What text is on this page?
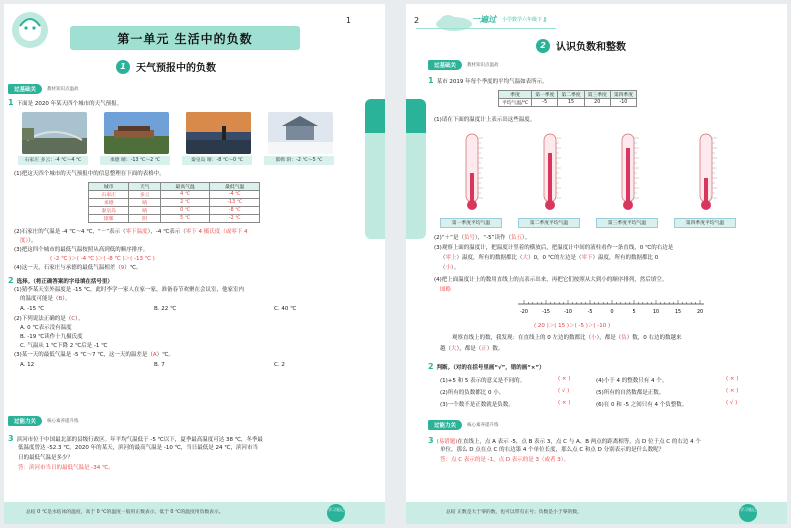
1
第一单元 生活中的负数
1	天气预报中的负数
过基础关	教材知识点温故
1 下面是 2020 年某天四个城市的天气预报。
石家庄 多云：-4 ℃～4 ℃	承德 晴：-13 ℃～2 ℃	秦皇岛 晴：-8 ℃～0 ℃	邯郸 阴：-2 ℃～5 ℃
(1)把这天四个城市的天气预报中的信息整理在下面的表格中。
城市	天气	最高气温	最低气温
石家庄	多云	4 ℃	-4 ℃
承德	晴	2 ℃	-13 ℃
秦皇岛	晴	0 ℃	-8 ℃
邯郸	阴	5 ℃	-2 ℃
(2)石家庄的气温是 -4 ℃～4 ℃，“－”表示（零下温度），-4 ℃表示（零下 4 摄氏度（或零下 4
度））。
(3)把这四个城市的最低气温按照从高到低的顺序排序。
( -2 ℃ )＞( -4 ℃ )＞( -8 ℃ )＞( -13 ℃ )
(4)这一天，石家庄与承德的最低气温相差（9）℃。
2 选择。（将正确答案的字母填在括号里）
(1)猜李某天室外温度是 -15 ℃，此时李学一家人在家一家，准备春节欢聚在会议室，他家室内
的温度可能是（B）。
A. -15 ℃	B. 22 ℃	C. 40 ℃
(2)下列说法正确的是（C）。
A. 0 ℃表示没有温度
B. -19 ℃读作十九摄氏度
C. 气温从 1 ℃下降 2 ℃后是 -1 ℃
(3)某一天的最低气温是 -5 ℃～7 ℃，这一天的温差是（A）℃。
A. 12	B. 7	C. 2
过能力关	核心素养提升练
3 滨河市位于中国最北部的县级行政区。年平均气温低于 -5 ℃以下，夏季最高温度可达 38 ℃，冬季最
低温度曾达 -52.3 ℃。2020 年的某天，滨河的最高气温是 -10 ℃，当日最低是 24 ℃，滨河市当
日的最低气温是多少？
答：滨河市当日的最低气温是 -34 ℃。
总结 0 ℃是水结冰的温度，高于 0 ℃的温度一般用正数表示，低于 0 ℃的温度用负数表示。
学习笔记
2	一遍过 小学数学六年级下 JJ
2	认识负数和整数
过基础关	教材知识点温故
1 某市 2019 年每个季度的平均气温如表所示。
季度	第一季度	第二季度	第三季度	第四季度
平均气温/℃	-5	15	20	-10
(1)请在下面的温度计上表示出这些温度。
第一季度平均气温	第二季度平均气温	第三季度平均气温	第四季度平均气温
(2)“＋”是（负号），“-5”读作（负五）。
(3)观察上面的温度计，把温度计竖着的横放后，把温度计中间的液柱看作一条直线，0 ℃的右边是
（零上）温度，所有的数据都比（大）0，0 ℃的左边是（零下）温度，所有的数据都比 0
（小）。
(4)把上面温度计上的数用直线上的点表示出来，再把它们按照从大到小的顺序排列，然后填空。
图略
-20	-15	-10	-5	0	5	10	15	20
( 20 )＞( 15 )＞( -5 )＞( -10 )
观察直线上的数，我发现：在直线上的 0 左边的数都比（小），都是（负）数，0 右边的数越来
越（大），都是（正）数。
2 判断。（对的在括号里画“√”，错的画“×”）
(1)+5 和 5 表示的意义是不同的。	( × )
(2)所有的负数都比 0 小。	( √ )
(3)一个数不是正数就是负数。	( × )
(4)小于 4 的整数只有 4 个。	( × )
(5)所有的自然数都是正数。	( × )
(6)在 0 和 -5 之间只有 4 个负整数。	( √ )
过能力关	核心素养提升练
3 (易错题)在直线上，点 A 表示 -5，点 B 表示 3，点 C 与 A、B 两点的距离相等，点 D 位于点 C 的右边 4 个
单位，那么 D 点在点 C 的右边第 4 个单位长度，那么点 C 和点 D 分别表示的是什么数呢？
答：点 C 表示的是 -1，点 D 表示的是 3（或者 3）。
总结 正数是大于零的数，也可以带有正号；负数是小于零的数。
学习笔记
